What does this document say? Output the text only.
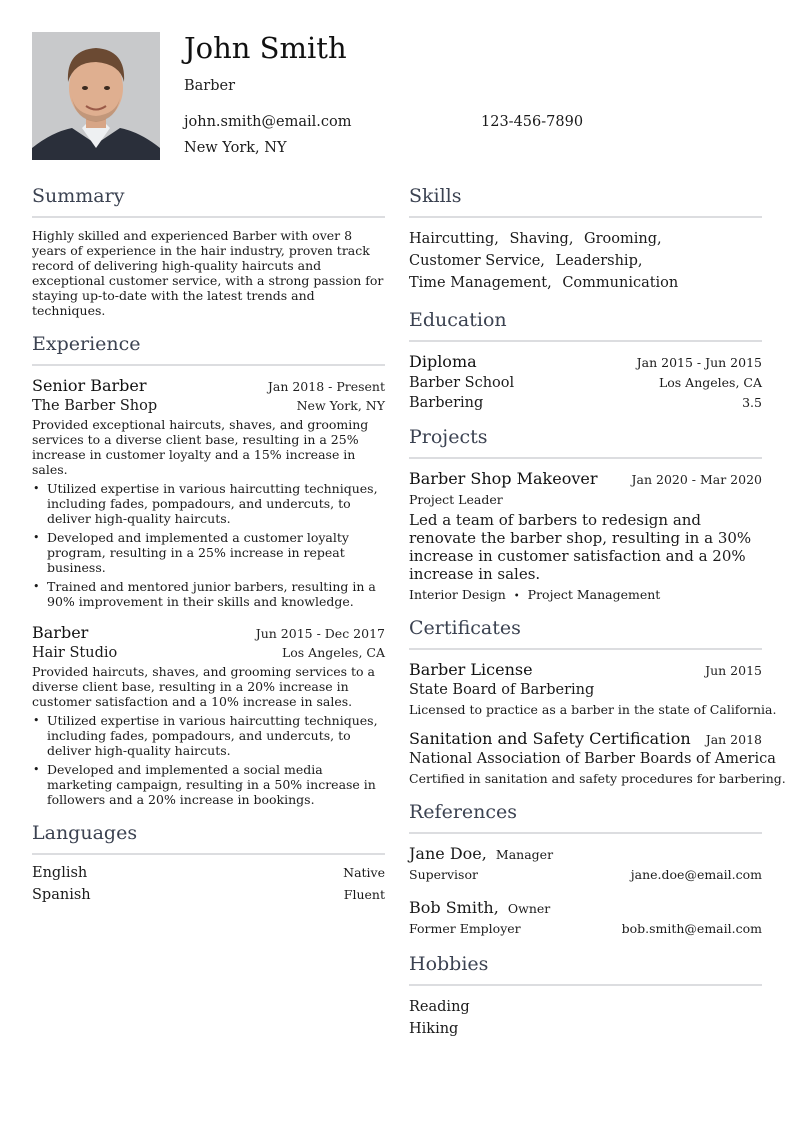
John Smith
Barber
john.smith@email.com	123-456-7890
New York, NY
Summary

Highly skilled and experienced Barber with over 8 years of experience in the hair industry, proven track record of delivering high-quality haircuts and exceptional customer service, with a strong passion for staying up-to-date with the latest trends and techniques.

Experience
Senior Barber	Jan 2018 - Present
The Barber Shop	New York, NY

Provided exceptional haircuts, shaves, and grooming services to a diverse client base, resulting in a 25% increase in customer loyalty and a 15% increase in sales.

• Utilized expertise in various haircutting techniques, including fades, pompadours, and undercuts, to deliver high-quality haircuts.
• Developed and implemented a customer loyalty program, resulting in a 25% increase in repeat business.
• Trained and mentored junior barbers, resulting in a 90% improvement in their skills and knowledge.
Barber	Jun 2015 - Dec 2017
Hair Studio	Los Angeles, CA

Provided haircuts, shaves, and grooming services to a diverse client base, resulting in a 20% increase in customer satisfaction and a 10% increase in sales.

• Utilized expertise in various haircutting techniques, including fades, pompadours, and undercuts, to deliver high-quality haircuts.
• Developed and implemented a social media marketing campaign, resulting in a 50% increase in followers and a 20% increase in bookings.
Languages
English	Native
Spanish	Fluent
Skills
Haircutting, Shaving, Grooming,
Customer Service, Leadership,
Time Management, Communication
Education
Diploma	Jan 2015 - Jun 2015
Barber School	Los Angeles, CA
Barbering	3.5
Projects
Barber Shop Makeover	Jan 2020 - Mar 2020
Project Leader

Led a team of barbers to redesign and renovate the barber shop, resulting in a 30% increase in customer satisfaction and a 20% increase in sales.

Interior Design • Project Management
Certificates
Barber License	Jun 2015
State Board of Barbering
Licensed to practice as a barber in the state of California.
Sanitation and Safety Certification Jan 2018
National Association of Barber Boards of America
Certified in sanitation and safety procedures for barbering.
References
Jane Doe, Manager
Supervisor	jane.doe@email.com
Bob Smith, Owner
Former Employer	bob.smith@email.com
Hobbies
Reading
Hiking
